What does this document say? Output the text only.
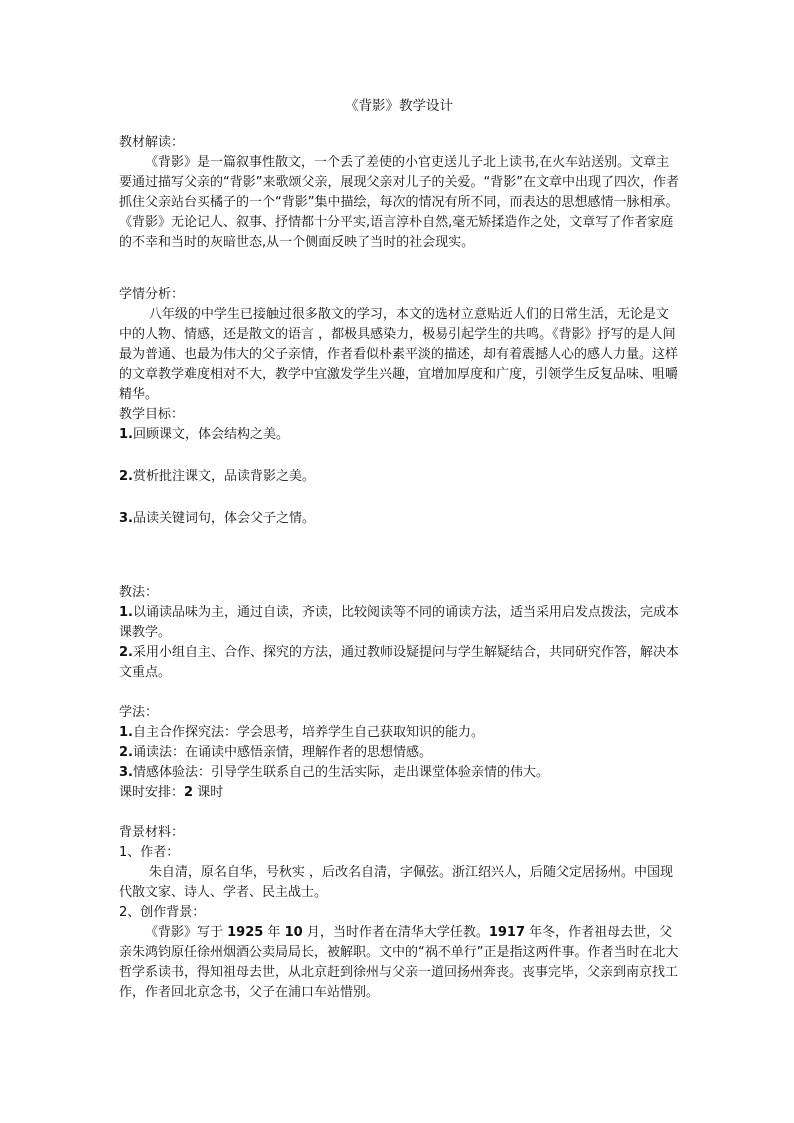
《背影》教学设计

教材解读：

《背影》是一篇叙事性散文，一个丢了差使的小官吏送儿子北上读书,在火车站送别。文章主要通过描写父亲的“背影”来歌颂父亲，展现父亲对儿子的关爱。“背影”在文章中出现了四次，作者抓住父亲站台买橘子的一个“背影”集中描绘，每次的情况有所不同，而表达的思想感情一脉相承。《背影》无论记人、叙事、抒情都十分平实,语言淳朴自然,毫无矫揉造作之处，文章写了作者家庭的不幸和当时的灰暗世态,从一个侧面反映了当时的社会现实。

学情分析：

八年级的中学生已接触过很多散文的学习，本文的选材立意贴近人们的日常生活，无论是文中的人物、情感，还是散文的语言 ，都极具感染力，极易引起学生的共鸣。《背影》抒写的是人间最为普通、也最为伟大的父子亲情，作者看似朴素平淡的描述，却有着震撼人心的感人力量。这样的文章教学难度相对不大，教学中宜激发学生兴趣，宜增加厚度和广度，引领学生反复品味、咀嚼精华。

教学目标：

1.回顾课文，体会结构之美。

2.赏析批注课文，品读背影之美。

3.品读关键词句，体会父子之情。

教法：

1.以诵读品味为主，通过自读，齐读，比较阅读等不同的诵读方法，适当采用启发点拨法，完成本课教学。

2.采用小组自主、合作、探究的方法，通过教师设疑提问与学生解疑结合，共同研究作答，解决本文重点。

学法：

1.自主合作探究法：学会思考，培养学生自己获取知识的能力。

2.诵读法：在诵读中感悟亲情，理解作者的思想情感。

3.情感体验法：引导学生联系自己的生活实际，走出课堂体验亲情的伟大。

课时安排：2 课时

背景材料：

1、作者：

朱自清，原名自华，号秋实 ，后改名自清，字佩弦。浙江绍兴人，后随父定居扬州。中国现代散文家、诗人、学者、民主战士。

2、创作背景：

《背影》写于 1925 年 10 月，当时作者在清华大学任教。1917 年冬，作者祖母去世，父亲朱鸿钧原任徐州烟酒公卖局局长，被解职。文中的“祸不单行”正是指这两件事。作者当时在北大哲学系读书，得知祖母去世，从北京赶到徐州与父亲一道回扬州奔丧。丧事完毕，父亲到南京找工作，作者回北京念书，父子在浦口车站惜别。
